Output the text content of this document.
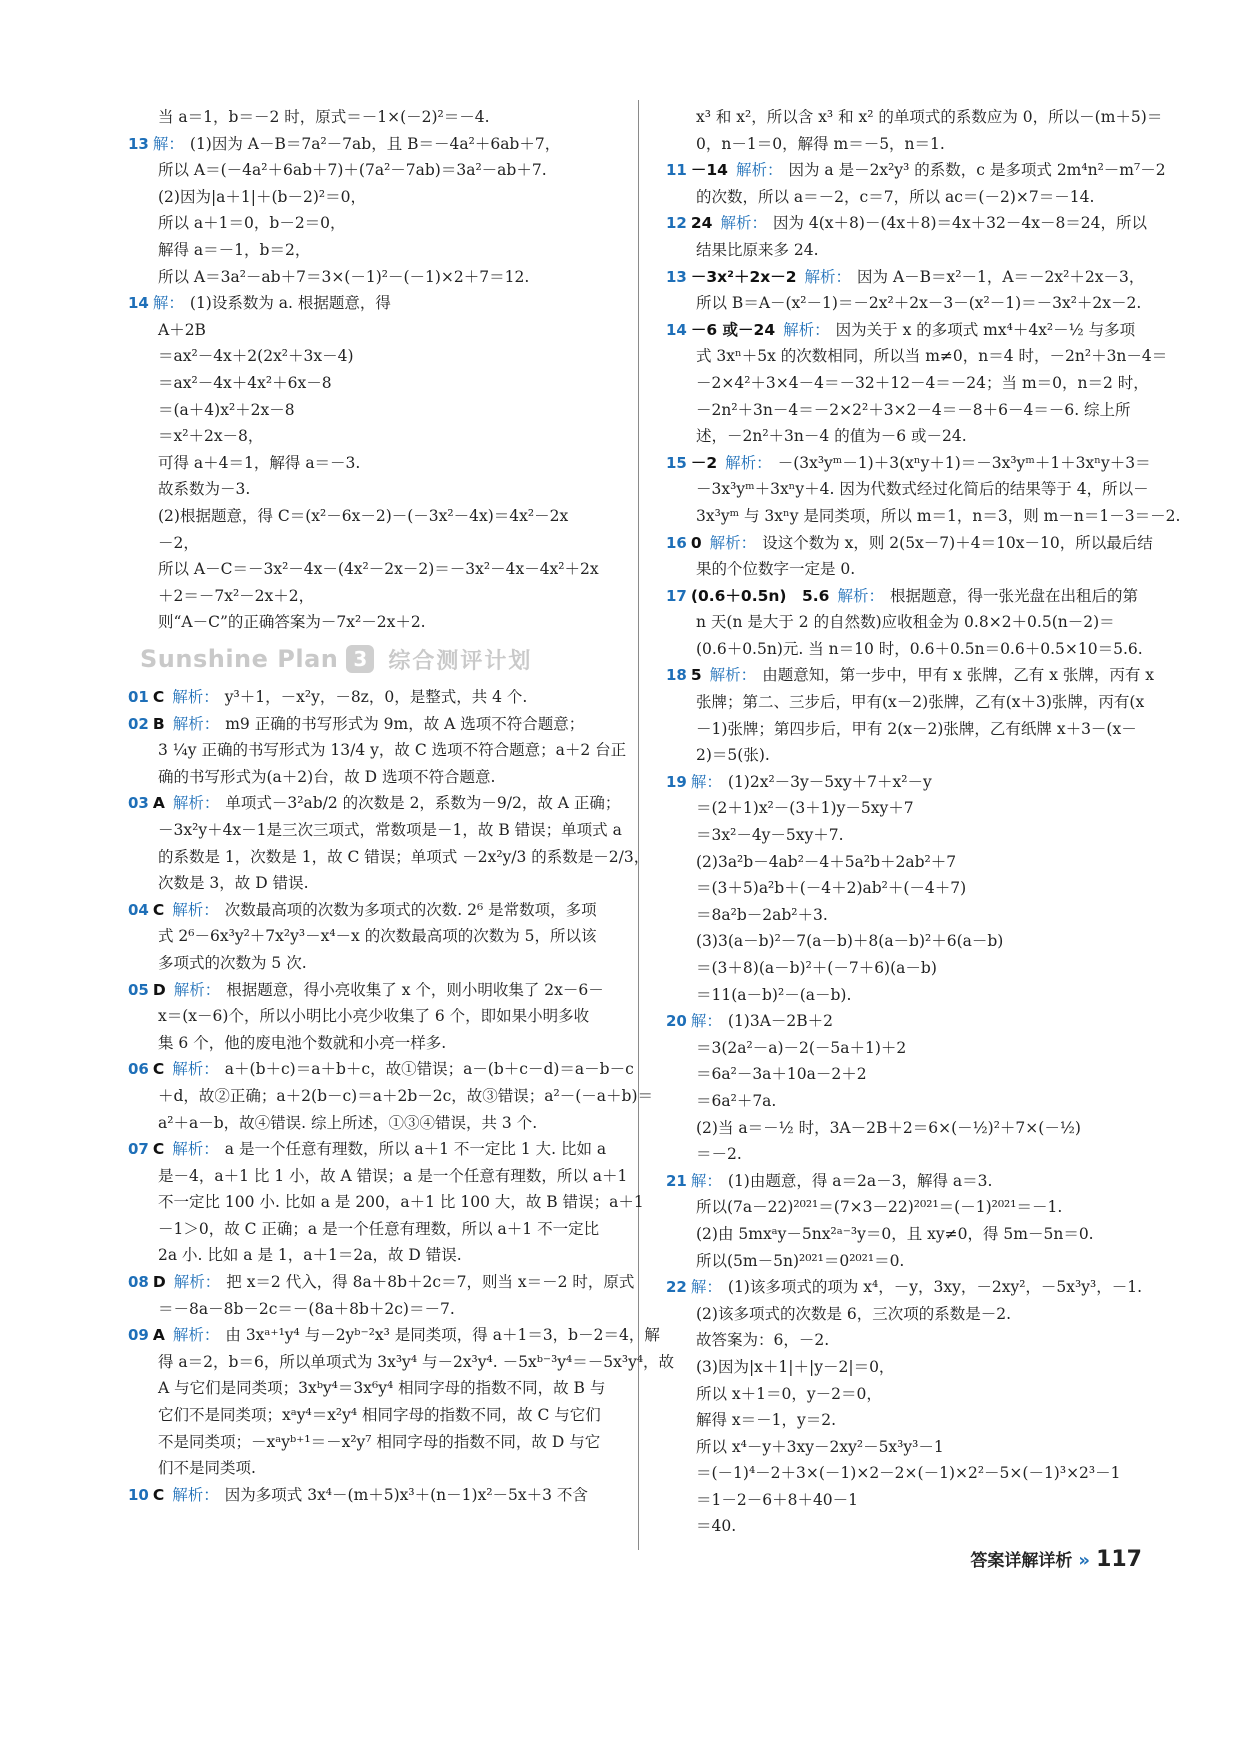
当 a＝1，b＝－2 时，原式＝－1×(－2)²＝－4.
13 解： (1)因为 A－B＝7a²－7ab，且 B＝－4a²＋6ab＋7，
所以 A＝(－4a²＋6ab＋7)＋(7a²－7ab)＝3a²－ab＋7.
(2)因为|a＋1|＋(b－2)²＝0，
所以 a＋1＝0，b－2＝0，
解得 a＝－1，b＝2，
所以 A＝3a²－ab＋7＝3×(－1)²－(－1)×2＋7＝12.
14 解： (1)设系数为 a. 根据题意，得
A＋2B
＝ax²－4x＋2(2x²＋3x－4)
＝ax²－4x＋4x²＋6x－8
＝(a＋4)x²＋2x－8
＝x²＋2x－8，
可得 a＋4＝1，解得 a＝－3.
故系数为－3.
(2)根据题意，得 C＝(x²－6x－2)－(－3x²－4x)＝4x²－2x
－2，
所以 A－C＝－3x²－4x－(4x²－2x－2)＝－3x²－4x－4x²＋2x
＋2＝－7x²－2x＋2，
则“A－C”的正确答案为－7x²－2x＋2.
Sunshine Plan 3 综合测评计划
01 C 解析： y³＋1，－x²y，－8z，0，是整式，共 4 个.
02 B 解析： m9 正确的书写形式为 9m，故 A 选项不符合题意；
3 ¼y 正确的书写形式为 13/4 y，故 C 选项不符合题意；a＋2 台正
确的书写形式为(a＋2)台，故 D 选项不符合题意.
03 A 解析： 单项式－3²ab/2 的次数是 2，系数为－9/2，故 A 正确；
－3x²y＋4x－1是三次三项式，常数项是－1，故 B 错误；单项式 a
的系数是 1，次数是 1，故 C 错误；单项式 －2x²y/3 的系数是－2/3，
次数是 3，故 D 错误.
04 C 解析： 次数最高项的次数为多项式的次数. 2⁶ 是常数项，多项
式 2⁶－6x³y²＋7x²y³－x⁴－x 的次数最高项的次数为 5，所以该
多项式的次数为 5 次.
05 D 解析： 根据题意，得小亮收集了 x 个，则小明收集了 2x－6－
x＝(x－6)个，所以小明比小亮少收集了 6 个，即如果小明多收
集 6 个，他的废电池个数就和小亮一样多.
06 C 解析： a＋(b＋c)＝a＋b＋c，故①错误；a－(b＋c－d)＝a－b－c
＋d，故②正确；a＋2(b－c)＝a＋2b－2c，故③错误；a²－(－a＋b)＝
a²＋a－b，故④错误. 综上所述，①③④错误，共 3 个.
07 C 解析： a 是一个任意有理数，所以 a＋1 不一定比 1 大. 比如 a
是－4，a＋1 比 1 小，故 A 错误；a 是一个任意有理数，所以 a＋1
不一定比 100 小. 比如 a 是 200，a＋1 比 100 大，故 B 错误；a＋1
－1＞0，故 C 正确；a 是一个任意有理数，所以 a＋1 不一定比
2a 小. 比如 a 是 1，a＋1＝2a，故 D 错误.
08 D 解析： 把 x＝2 代入，得 8a＋8b＋2c＝7，则当 x＝－2 时，原式
＝－8a－8b－2c＝－(8a＋8b＋2c)＝－7.
09 A 解析： 由 3xᵃ⁺¹y⁴ 与－2yᵇ⁻²x³ 是同类项，得 a＋1＝3，b－2＝4，解
得 a＝2，b＝6，所以单项式为 3x³y⁴ 与－2x³y⁴. －5xᵇ⁻³y⁴＝－5x³y⁴，故
A 与它们是同类项；3xᵇy⁴＝3x⁶y⁴ 相同字母的指数不同，故 B 与
它们不是同类项；xᵃy⁴＝x²y⁴ 相同字母的指数不同，故 C 与它们
不是同类项；－xᵃyᵇ⁺¹＝－x²y⁷ 相同字母的指数不同，故 D 与它
们不是同类项.
10 C 解析： 因为多项式 3x⁴－(m＋5)x³＋(n－1)x²－5x＋3 不含
x³ 和 x²，所以含 x³ 和 x² 的单项式的系数应为 0，所以－(m＋5)＝
0，n－1＝0，解得 m＝－5，n＝1.
11 －14 解析： 因为 a 是－2x²y³ 的系数，c 是多项式 2m⁴n²－m⁷－2
的次数，所以 a＝－2，c＝7，所以 ac＝(－2)×7＝－14.
12 24 解析： 因为 4(x＋8)－(4x＋8)＝4x＋32－4x－8＝24，所以
结果比原来多 24.
13 －3x²＋2x－2 解析： 因为 A－B＝x²－1，A＝－2x²＋2x－3，
所以 B＝A－(x²－1)＝－2x²＋2x－3－(x²－1)＝－3x²＋2x－2.
14 －6 或－24 解析： 因为关于 x 的多项式 mx⁴＋4x²－½ 与多项
式 3xⁿ＋5x 的次数相同，所以当 m≠0，n＝4 时，－2n²＋3n－4＝
－2×4²＋3×4－4＝－32＋12－4＝－24；当 m＝0，n＝2 时，
－2n²＋3n－4＝－2×2²＋3×2－4＝－8＋6－4＝－6. 综上所
述，－2n²＋3n－4 的值为－6 或－24.
15 －2 解析： －(3x³yᵐ－1)＋3(xⁿy＋1)＝－3x³yᵐ＋1＋3xⁿy＋3＝
－3x³yᵐ＋3xⁿy＋4. 因为代数式经过化简后的结果等于 4，所以－
3x³yᵐ 与 3xⁿy 是同类项，所以 m＝1，n＝3，则 m－n＝1－3＝－2.
16 0 解析： 设这个数为 x，则 2(5x－7)＋4＝10x－10，所以最后结
果的个位数字一定是 0.
17 (0.6＋0.5n)　5.6 解析： 根据题意，得一张光盘在出租后的第
n 天(n 是大于 2 的自然数)应收租金为 0.8×2＋0.5(n－2)＝
(0.6＋0.5n)元. 当 n＝10 时，0.6＋0.5n＝0.6＋0.5×10＝5.6.
18 5 解析： 由题意知，第一步中，甲有 x 张牌，乙有 x 张牌，丙有 x
张牌；第二、三步后，甲有(x－2)张牌，乙有(x＋3)张牌，丙有(x
－1)张牌；第四步后，甲有 2(x－2)张牌，乙有纸牌 x＋3－(x－
2)＝5(张).
19 解： (1)2x²－3y－5xy＋7＋x²－y
＝(2＋1)x²－(3＋1)y－5xy＋7
＝3x²－4y－5xy＋7.
(2)3a²b－4ab²－4＋5a²b＋2ab²＋7
＝(3＋5)a²b＋(－4＋2)ab²＋(－4＋7)
＝8a²b－2ab²＋3.
(3)3(a－b)²－7(a－b)＋8(a－b)²＋6(a－b)
＝(3＋8)(a－b)²＋(－7＋6)(a－b)
＝11(a－b)²－(a－b).
20 解： (1)3A－2B＋2
＝3(2a²－a)－2(－5a＋1)＋2
＝6a²－3a＋10a－2＋2
＝6a²＋7a.
(2)当 a＝－½ 时，3A－2B＋2＝6×(－½)²＋7×(－½)
＝－2.
21 解： (1)由题意，得 a＝2a－3，解得 a＝3.
所以(7a－22)²⁰²¹＝(7×3－22)²⁰²¹＝(－1)²⁰²¹＝－1.
(2)由 5mxᵃy－5nx²ᵃ⁻³y＝0，且 xy≠0，得 5m－5n＝0.
所以(5m－5n)²⁰²¹＝0²⁰²¹＝0.
22 解： (1)该多项式的项为 x⁴，－y，3xy，－2xy²，－5x³y³，－1.
(2)该多项式的次数是 6，三次项的系数是－2.
故答案为：6，－2.
(3)因为|x＋1|＋|y－2|＝0，
所以 x＋1＝0，y－2＝0，
解得 x＝－1，y＝2.
所以 x⁴－y＋3xy－2xy²－5x³y³－1
＝(－1)⁴－2＋3×(－1)×2－2×(－1)×2²－5×(－1)³×2³－1
＝1－2－6＋8＋40－1
＝40.
答案详解详析 » 117
